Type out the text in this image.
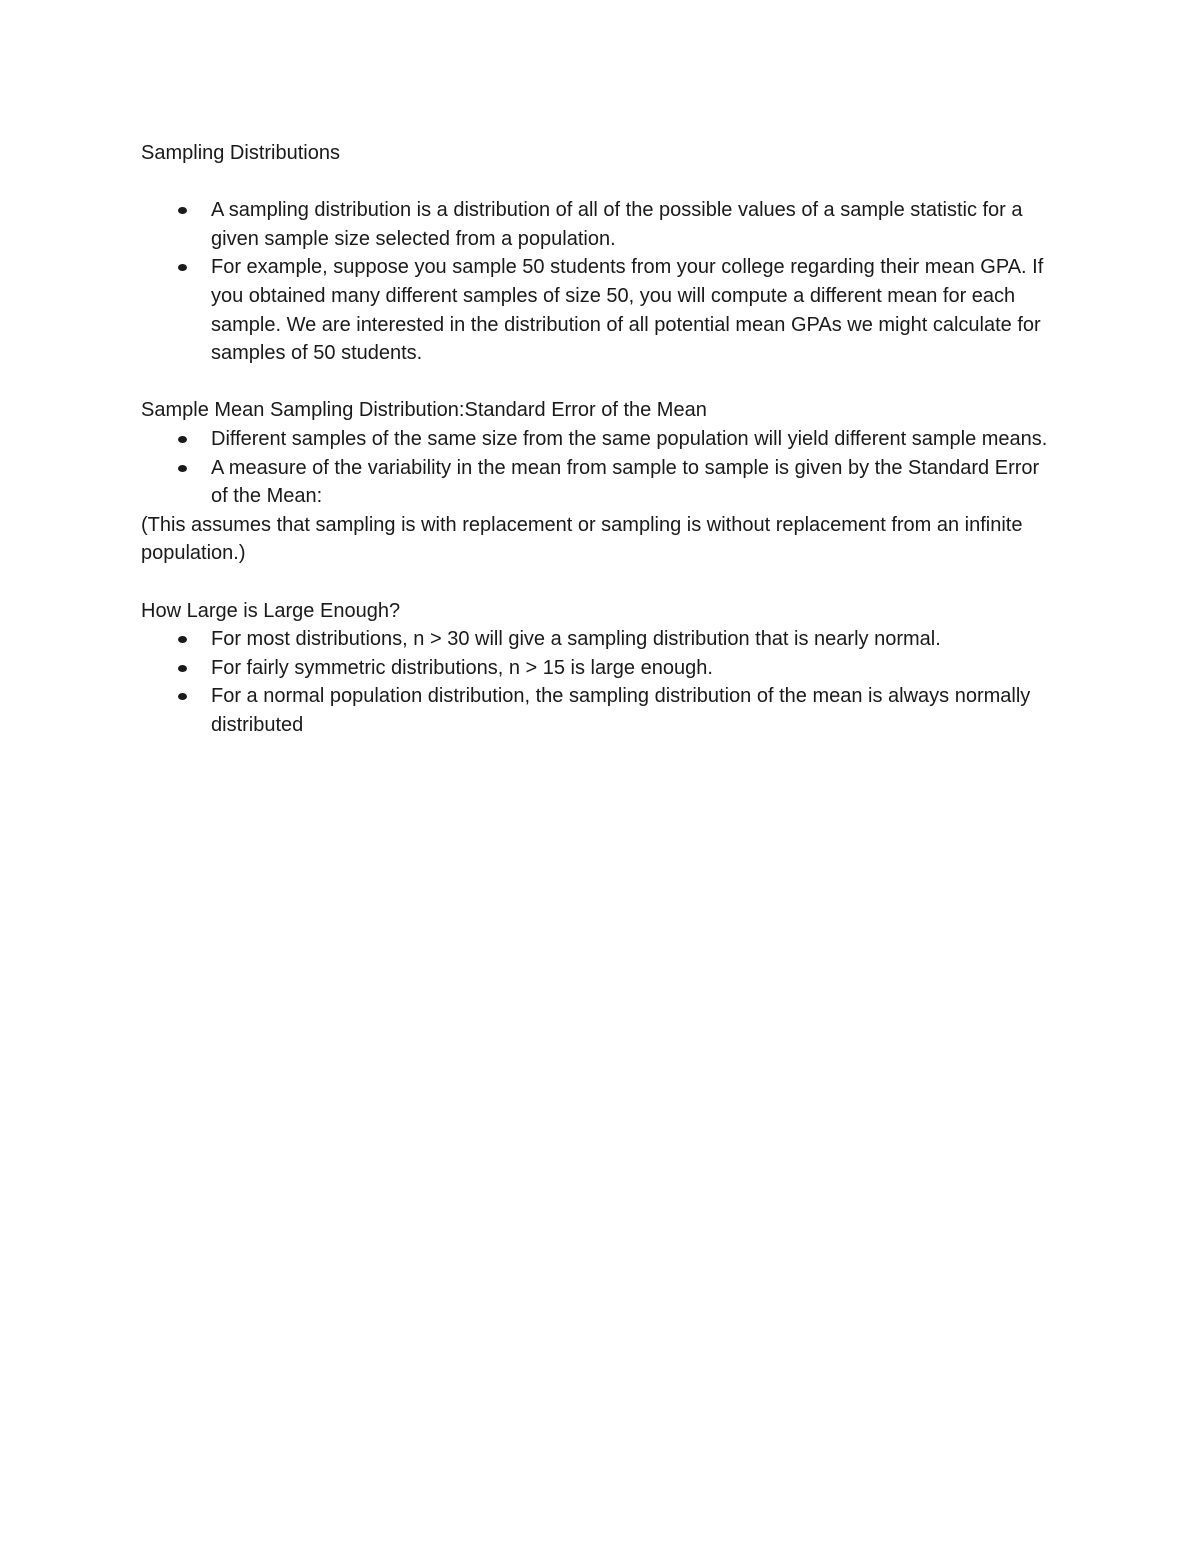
Sampling Distributions
A sampling distribution is a distribution of all of the possible values of a sample statistic for a given sample size selected from a population.
For example, suppose you sample 50 students from your college regarding their mean GPA. If you obtained many different samples of size 50, you will compute a different mean for each sample. We are interested in the distribution of all potential mean GPAs we might calculate for samples of 50 students.
Sample Mean Sampling Distribution:Standard Error of the Mean
Different samples of the same size from the same population will yield different sample means.
A measure of the variability in the mean from sample to sample is given by the Standard Error of the Mean:

(This assumes that sampling is with replacement or sampling is without replacement from an infinite population.)

How Large is Large Enough?
For most distributions, n > 30 will give a sampling distribution that is nearly normal.
For fairly symmetric distributions, n > 15 is large enough.
For a normal population distribution, the sampling distribution of the mean is always normally distributed
